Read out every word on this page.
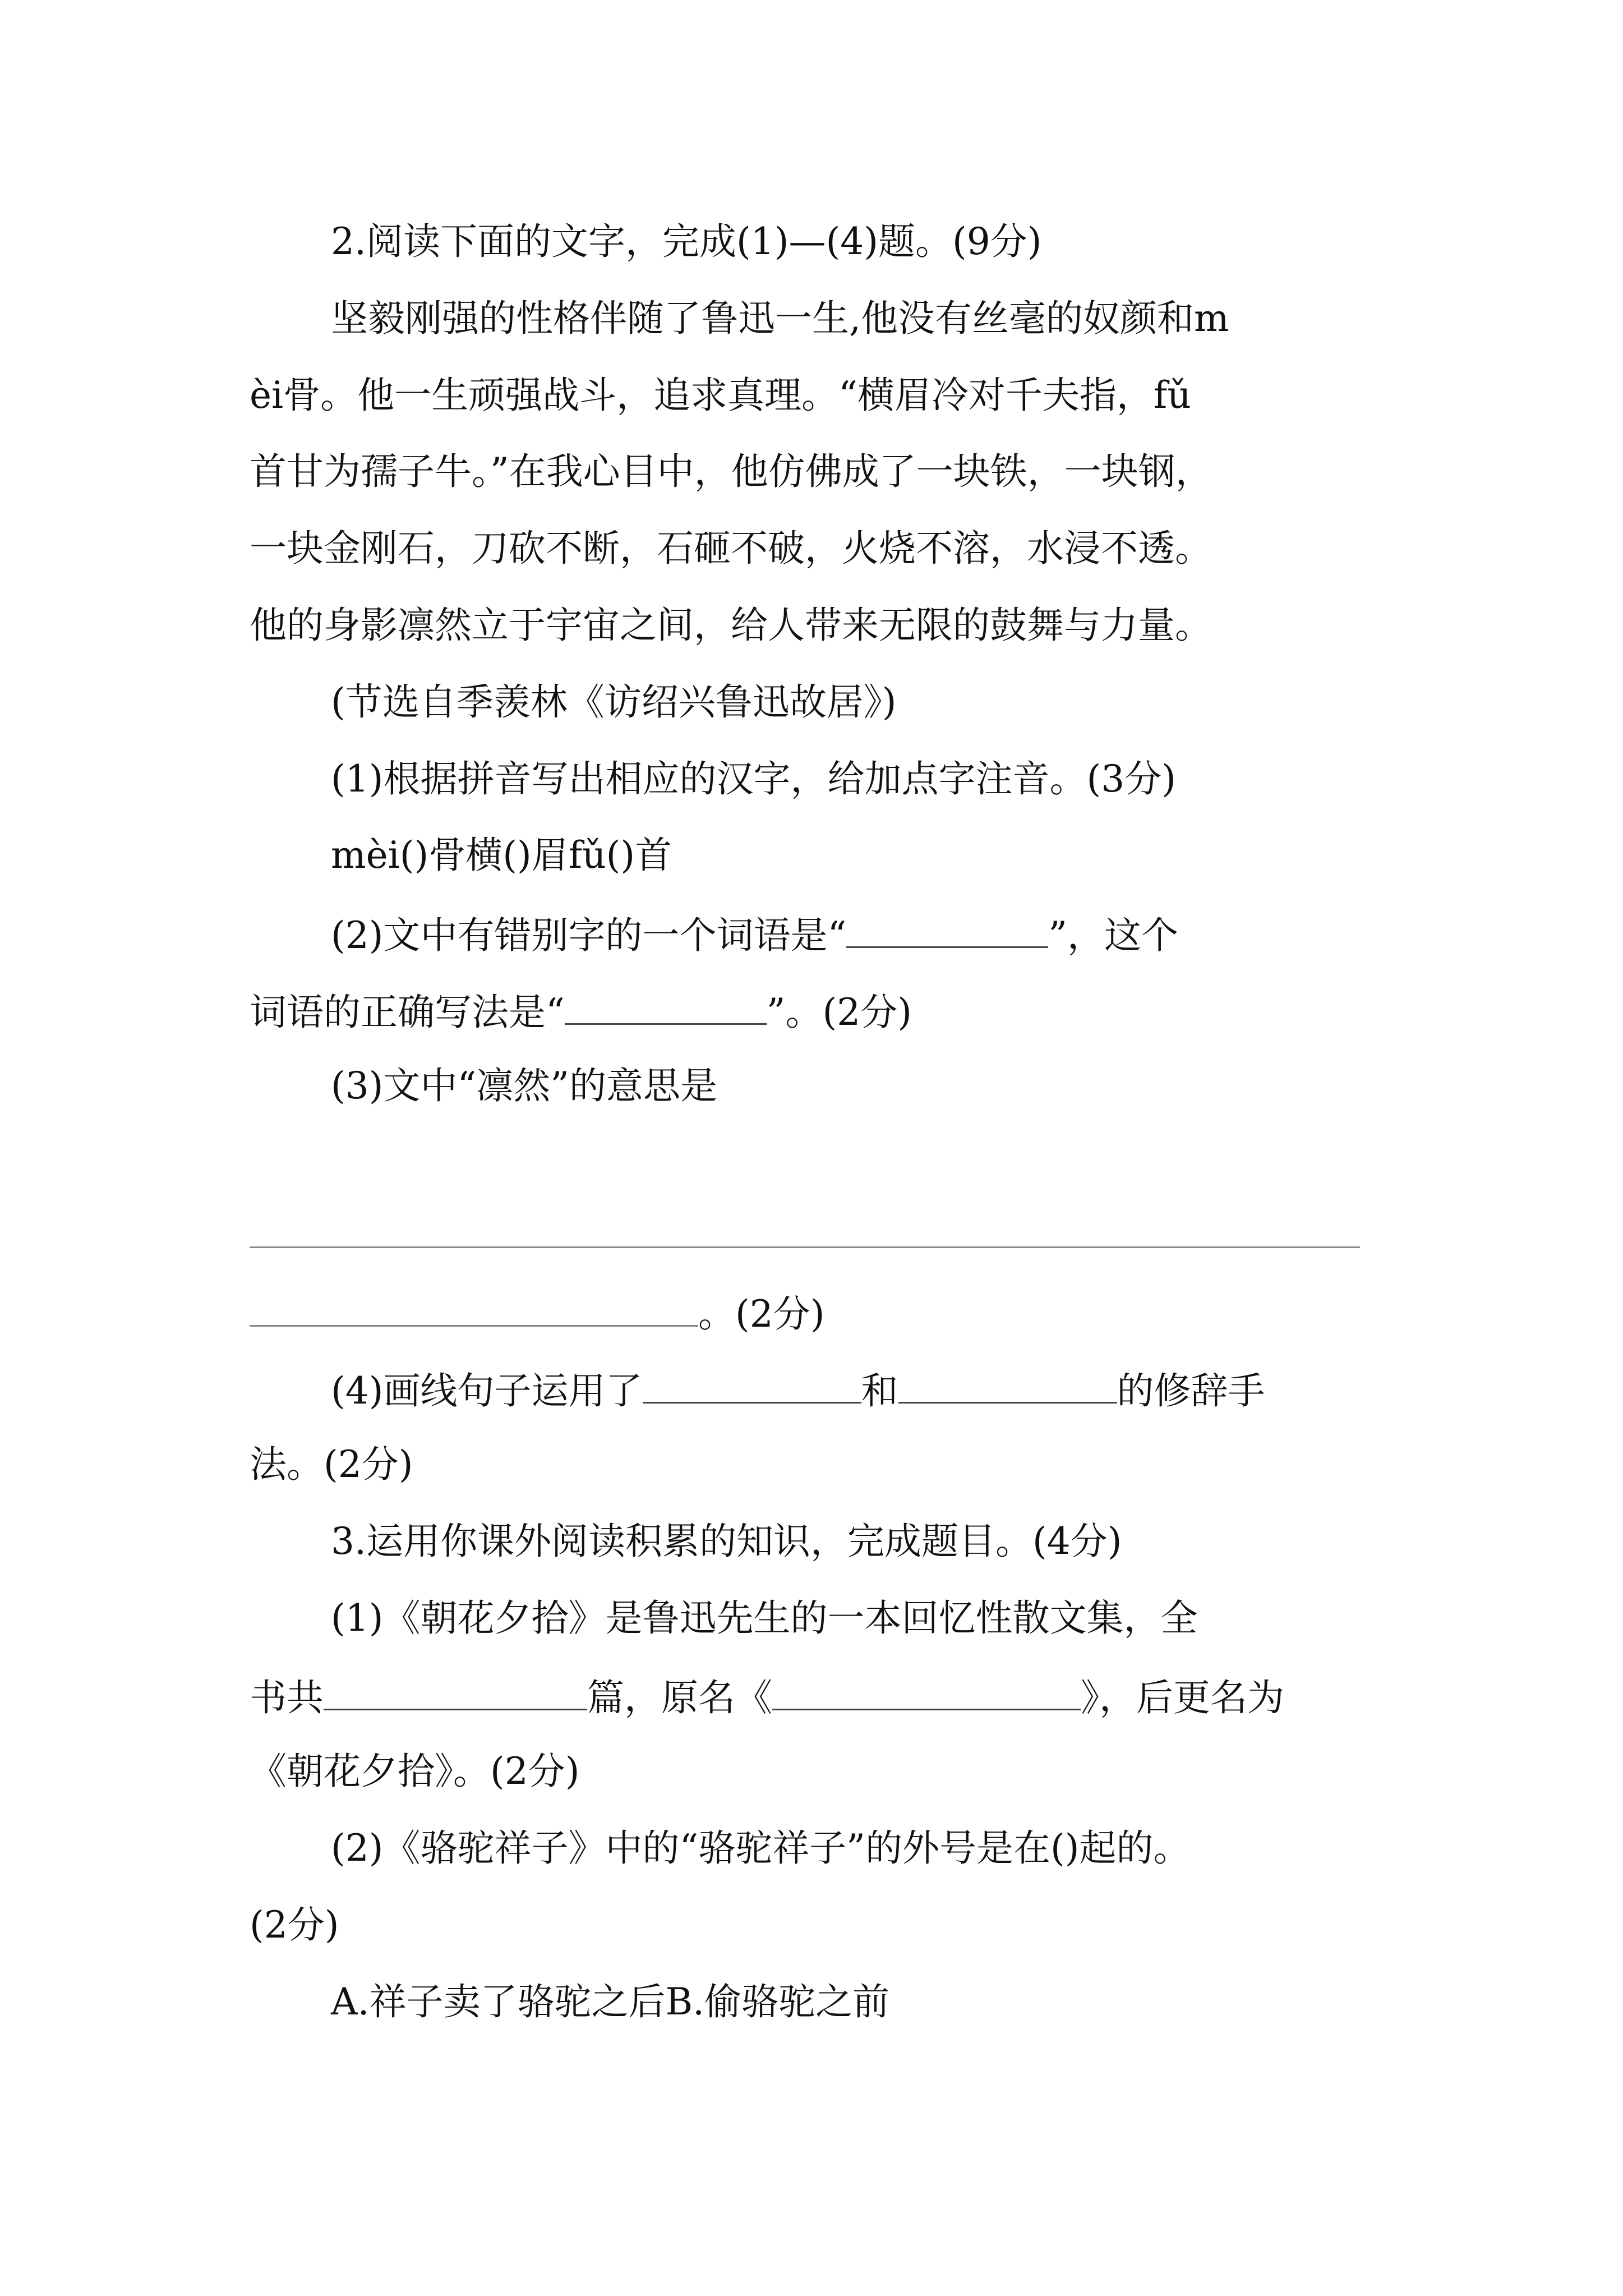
2.阅读下面的文字，完成(1)—(4)题。(9分)
坚毅刚强的性格伴随了鲁迅一生,他没有丝毫的奴颜和m
èi骨。他一生顽强战斗，追求真理。“横眉冷对千夫指，fǔ
首甘为孺子牛。”在我心目中，他仿佛成了一块铁，一块钢，
一块金刚石，刀砍不断，石砸不破，火烧不溶，水浸不透。
他的身影凛然立于宇宙之间，给人带来无限的鼓舞与力量。
(节选自季羡林《访绍兴鲁迅故居》)
(1)根据拼音写出相应的汉字，给加点字注音。(3分)
mèi()骨横()眉fǔ()首
(2)文中有错别字的一个词语是“	”，这个
词语的正确写法是“	”。(2分)
(3)文中“凛然”的意思是
。(2分)
(4)画线句子运用了	和	的修辞手
法。(2分)
3.运用你课外阅读积累的知识，完成题目。(4分)
(1)《朝花夕拾》是鲁迅先生的一本回忆性散文集，全
书共	篇，原名《	》，后更名为
《朝花夕拾》。(2分)
(2)《骆驼祥子》中的“骆驼祥子”的外号是在()起的。
(2分)
A.祥子卖了骆驼之后B.偷骆驼之前
